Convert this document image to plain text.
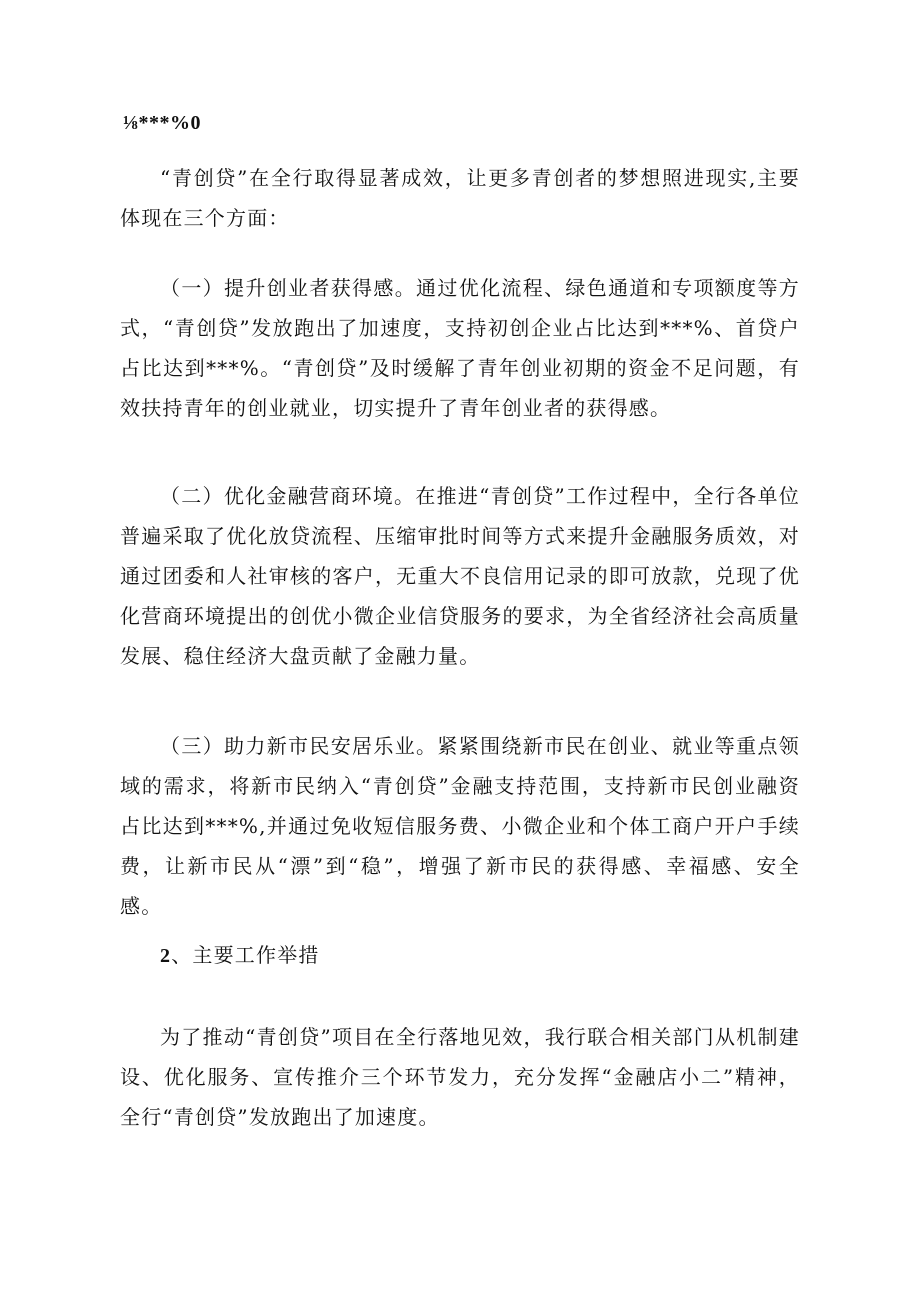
⅛***%0

“青创贷”在全行取得显著成效，让更多青创者的梦想照进现实,主要体现在三个方面：

（一）提升创业者获得感。通过优化流程、绿色通道和专项额度等方式，“青创贷”发放跑出了加速度，支持初创企业占比达到***%、首贷户占比达到***%。“青创贷”及时缓解了青年创业初期的资金不足问题，有效扶持青年的创业就业，切实提升了青年创业者的获得感。

（二）优化金融营商环境。在推进“青创贷”工作过程中，全行各单位普遍采取了优化放贷流程、压缩审批时间等方式来提升金融服务质效，对通过团委和人社审核的客户，无重大不良信用记录的即可放款，兑现了优化营商环境提出的创优小微企业信贷服务的要求，为全省经济社会高质量发展、稳住经济大盘贡献了金融力量。

（三）助力新市民安居乐业。紧紧围绕新市民在创业、就业等重点领域的需求，将新市民纳入“青创贷”金融支持范围，支持新市民创业融资占比达到***%,并通过免收短信服务费、小微企业和个体工商户开户手续费，让新市民从“漂”到“稳”，增强了新市民的获得感、幸福感、安全感。

2、主要工作举措

为了推动“青创贷”项目在全行落地见效，我行联合相关部门从机制建设、优化服务、宣传推介三个环节发力，充分发挥“金融店小二”精神，全行“青创贷”发放跑出了加速度。
